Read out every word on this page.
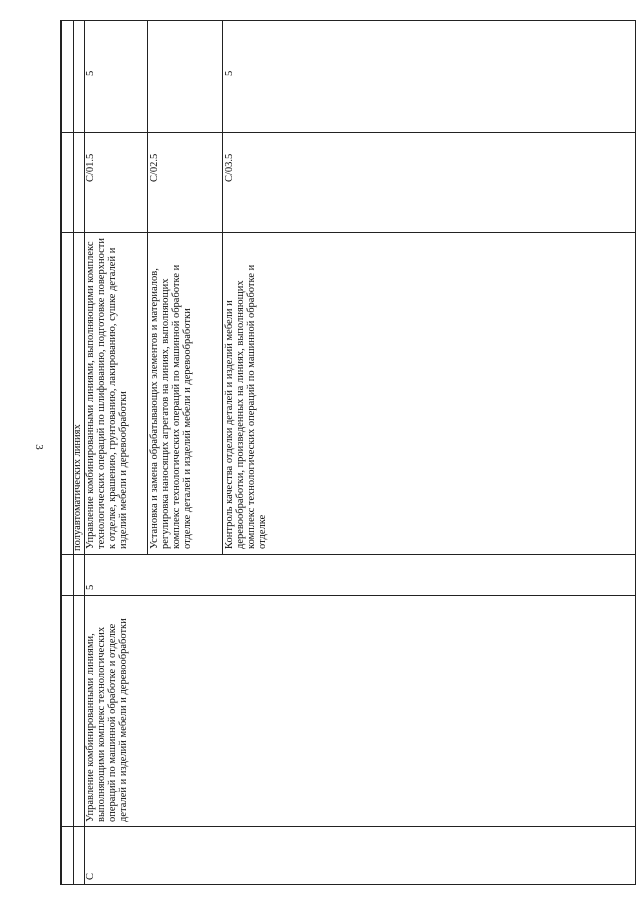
3	полуавтоматических линиях
C
Управление комбинированными линиями, выполняющими комплекс технологических операций по машинной обработке и отделке деталей и изделий мебели и деревообработки
5
Управление комбинированными линиями, выполняющими комплекс технологических операций по шлифованию, подготовке поверхности к отделке, крашению, грунтованию, лакированию, сушке деталей и изделий мебели и деревообработки
C/01.5
5
Установка и замена обрабатывающих элементов и материалов, регулировка наносящих агрегатов на линиях, выполняющих комплекс технологических операций по машинной обработке и отделке деталей и изделий мебели и деревообработки
C/02.5
Контроль качества отделки деталей и изделий мебели и деревообработки, произведенных на линиях, выполняющих комплекс технологических операций по машинной обработке и отделке
C/03.5
5
